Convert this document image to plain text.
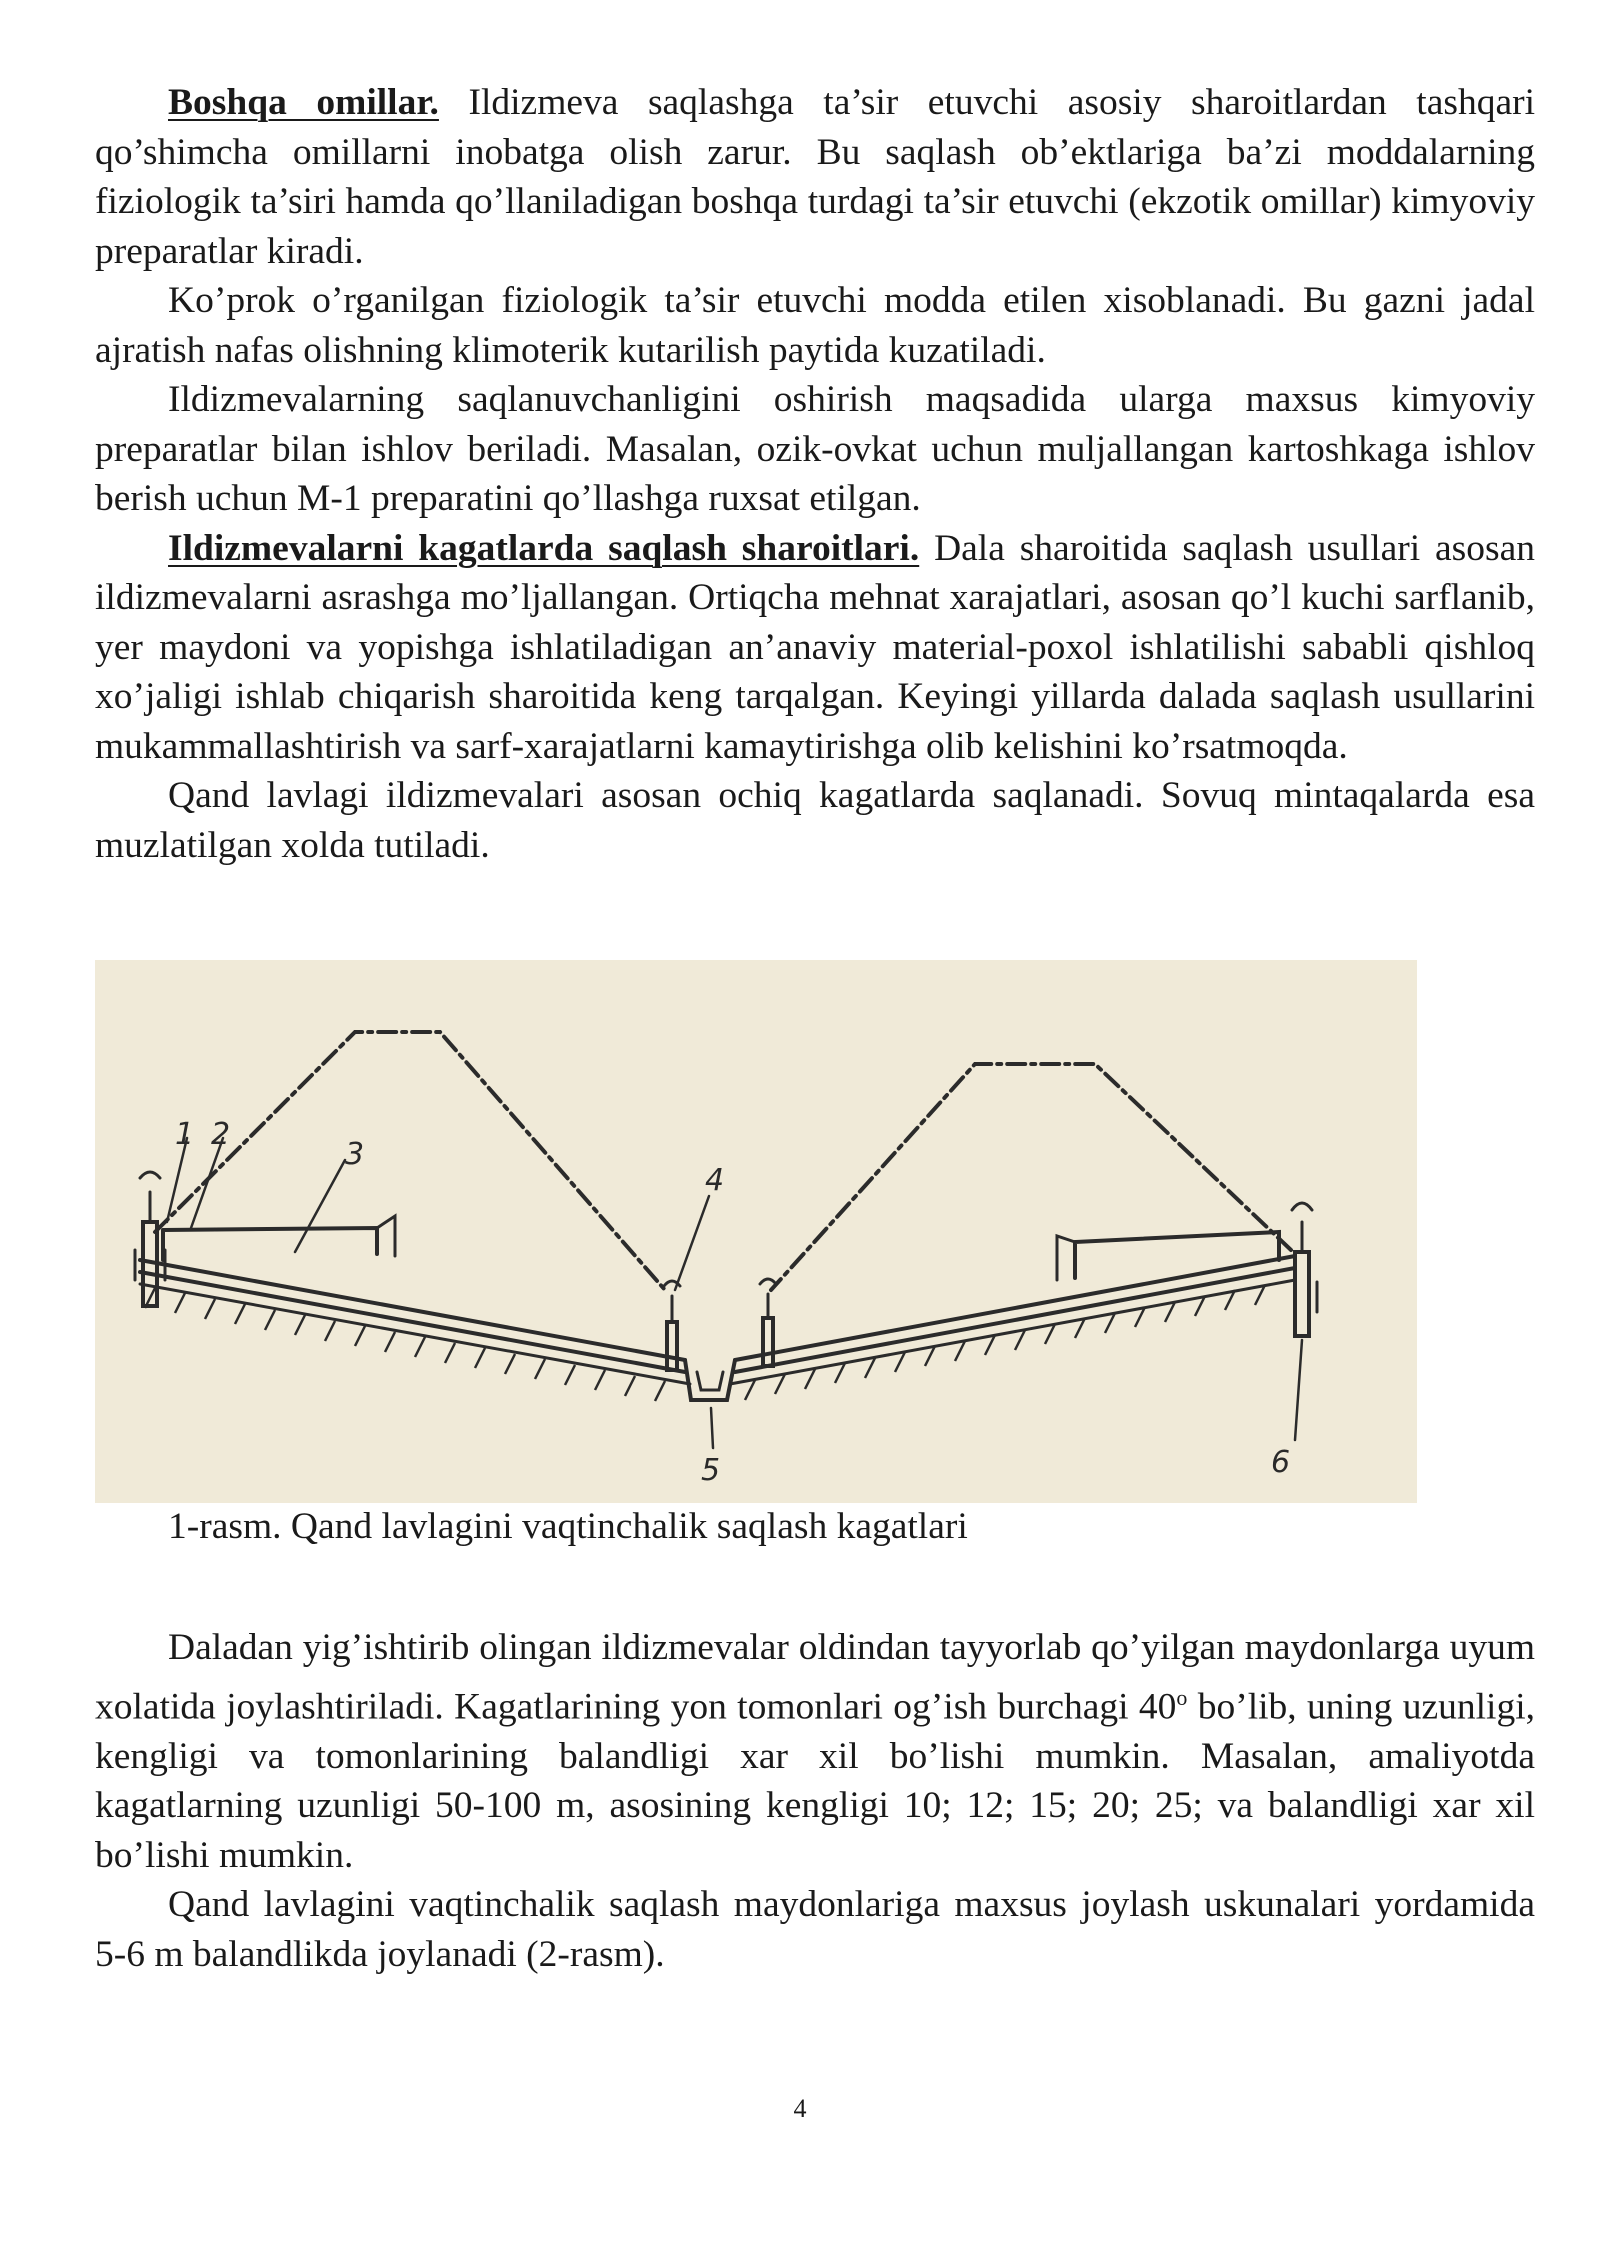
Boshqa omillar. Ildizmeva saqlashga ta’sir etuvchi asosiy sharoitlardan tashqari qo’shimcha omillarni inobatga olish zarur. Bu saqlash ob’ektlariga ba’zi moddalarning fiziologik ta’siri hamda qo’llaniladigan boshqa turdagi ta’sir etuvchi (ekzotik omillar) kimyoviy preparatlar kiradi.

Ko’prok o’rganilgan fiziologik ta’sir etuvchi modda etilen xisoblanadi. Bu gazni jadal ajratish nafas olishning klimoterik kutarilish paytida kuzatiladi.

Ildizmevalarning saqlanuvchanligini oshirish maqsadida ularga maxsus kimyoviy preparatlar bilan ishlov beriladi. Masalan, ozik-ovkat uchun muljallangan kartoshkaga ishlov berish uchun M-1 preparatini qo’llashga ruxsat etilgan.

Ildizmevalarni kagatlarda saqlash sharoitlari. Dala sharoitida saqlash usullari asosan ildizmevalarni asrashga mo’ljallangan. Ortiqcha mehnat xarajatlari, asosan qo’l kuchi sarflanib, yer maydoni va yopishga ishlatiladigan an’anaviy material-poxol ishlatilishi sababli qishloq xo’jaligi ishlab chiqarish sharoitida keng tarqalgan. Keyingi yillarda dalada saqlash usullarini mukammallashtirish va sarf-xarajatlarni kamaytirishga olib kelishini ko’rsatmoqda.

Qand lavlagi ildizmevalari asosan ochiq kagatlarda saqlanadi. Sovuq mintaqalarda esa muzlatilgan xolda tutiladi.

1 2
3
4
5	6
1-rasm. Qand lavlagini vaqtinchalik saqlash kagatlari

Daladan yig’ishtirib olingan ildizmevalar oldindan tayyorlab qo’yilgan maydonlarga uyum xolatida joylashtiriladi. Kagatlarining yon tomonlari og’ish burchagi 40$^o$ bo’lib, uning uzunligi, kengligi va tomonlarining balandligi xar xil bo’lishi mumkin. Masalan, amaliyotda kagatlarning uzunligi 50-100 m, asosining kengligi 10; 12; 15; 20; 25; va balandligi xar xil bo’lishi mumkin.

Qand lavlagini vaqtinchalik saqlash maydonlariga maxsus joylash uskunalari yordamida 5-6 m balandlikda joylanadi (2-rasm).

4
